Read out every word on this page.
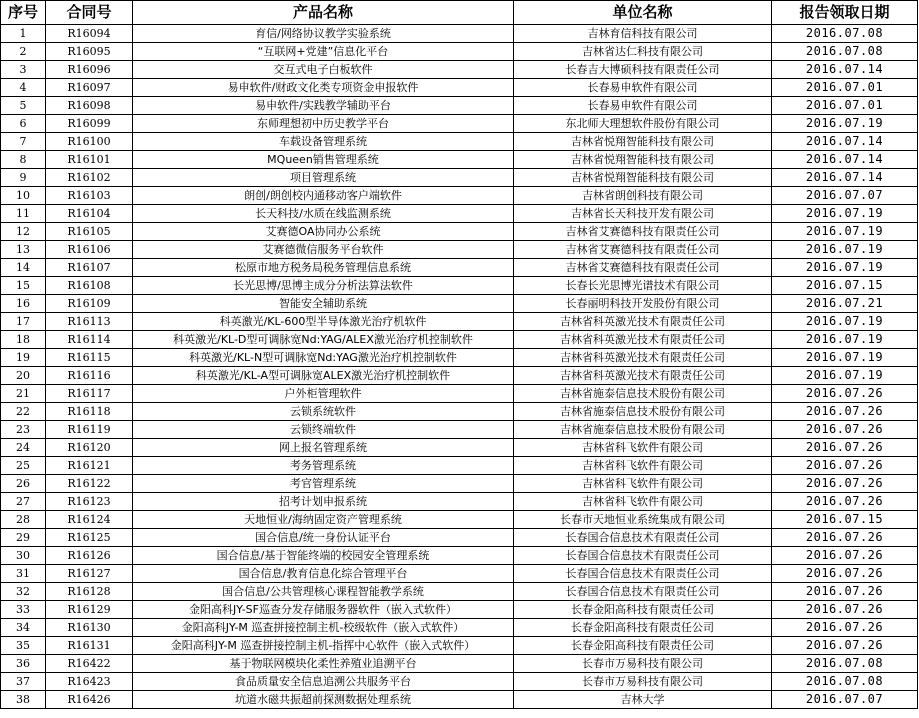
序号	合同号	产品名称	单位名称	报告领取日期
1	R16094	育信/网络协议教学实验系统	吉林育信科技有限公司	2016.07.08
2	R16095	“互联网+党建”信息化平台	吉林省达仁科技有限公司	2016.07.08
3	R16096	交互式电子白板软件	长春吉大博硕科技有限责任公司	2016.07.14
4	R16097	易申软件/财政文化类专项资金申报软件	长春易申软件有限公司	2016.07.01
5	R16098	易申软件/实践教学辅助平台	长春易申软件有限公司	2016.07.01
6	R16099	东师理想初中历史教学平台	东北师大理想软件股份有限公司	2016.07.19
7	R16100	车载设备管理系统	吉林省悦翔智能科技有限公司	2016.07.14
8	R16101	MQueen销售管理系统	吉林省悦翔智能科技有限公司	2016.07.14
9	R16102	项目管理系统	吉林省悦翔智能科技有限公司	2016.07.14
10	R16103	朗创/朗创校内通移动客户端软件	吉林省朗创科技有限公司	2016.07.07
11	R16104	长天科技/水质在线监测系统	吉林省长天科技开发有限公司	2016.07.19
12	R16105	艾赛德OA协同办公系统	吉林省艾赛德科技有限责任公司	2016.07.19
13	R16106	艾赛德微信服务平台软件	吉林省艾赛德科技有限责任公司	2016.07.19
14	R16107	松原市地方税务局税务管理信息系统	吉林省艾赛德科技有限责任公司	2016.07.19
15	R16108	长光思博/思博主成分分析法算法软件	长春长光思博光谱技术有限公司	2016.07.15
16	R16109	智能安全辅助系统	长春丽明科技开发股份有限公司	2016.07.21
17	R16113	科英激光/KL-600型半导体激光治疗机软件	吉林省科英激光技术有限责任公司	2016.07.19
18	R16114	科英激光/KL-D型可调脉宽Nd:YAG/ALEX激光治疗机控制软件	吉林省科英激光技术有限责任公司	2016.07.19
19	R16115	科英激光/KL-N型可调脉宽Nd:YAG激光治疗机控制软件	吉林省科英激光技术有限责任公司	2016.07.19
20	R16116	科英激光/KL-A型可调脉宽ALEX激光治疗机控制软件	吉林省科英激光技术有限责任公司	2016.07.19
21	R16117	户外柜管理软件	吉林省施泰信息技术股份有限公司	2016.07.26
22	R16118	云锁系统软件	吉林省施泰信息技术股份有限公司	2016.07.26
23	R16119	云锁终端软件	吉林省施泰信息技术股份有限公司	2016.07.26
24	R16120	网上报名管理系统	吉林省科飞软件有限公司	2016.07.26
25	R16121	考务管理系统	吉林省科飞软件有限公司	2016.07.26
26	R16122	考官管理系统	吉林省科飞软件有限公司	2016.07.26
27	R16123	招考计划申报系统	吉林省科飞软件有限公司	2016.07.26
28	R16124	天地恒业/海纳固定资产管理系统	长春市天地恒业系统集成有限公司	2016.07.15
29	R16125	国合信息/统一身份认证平台	长春国合信息技术有限责任公司	2016.07.26
30	R16126	国合信息/基于智能终端的校园安全管理系统	长春国合信息技术有限责任公司	2016.07.26
31	R16127	国合信息/教育信息化综合管理平台	长春国合信息技术有限责任公司	2016.07.26
32	R16128	国合信息/公共管理核心课程智能教学系统	长春国合信息技术有限责任公司	2016.07.26
33	R16129	金阳高科JY-SF巡查分发存储服务器软件（嵌入式软件）	长春金阳高科技有限责任公司	2016.07.26
34	R16130	金阳高科JY-M 巡查拼接控制主机-校级软件（嵌入式软件）	长春金阳高科技有限责任公司	2016.07.26
35	R16131	金阳高科JY-M 巡查拼接控制主机-指挥中心软件（嵌入式软件）	长春金阳高科技有限责任公司	2016.07.26
36	R16422	基于物联网模块化柔性养殖业追溯平台	长春市万易科技有限公司	2016.07.08
37	R16423	食品质量安全信息追溯公共服务平台	长春市万易科技有限公司	2016.07.08
38	R16426	坑道水磁共振超前探测数据处理系统	吉林大学	2016.07.07
